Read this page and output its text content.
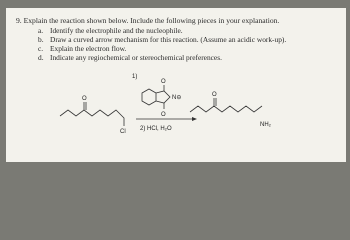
9. Explain the reaction shown below. Include the following pieces in your explanation.
a. Identify the electrophile and the nucleophile.
b. Draw a curved arrow mechanism for this reaction. (Assume an acidic work-up).
c. Explain the electron flow.
d. Indicate any regiochemical or stereochemical preferences.
O
Cl
1)
O
N⊖
O
2) HCl, H₂O
O
NH₂
